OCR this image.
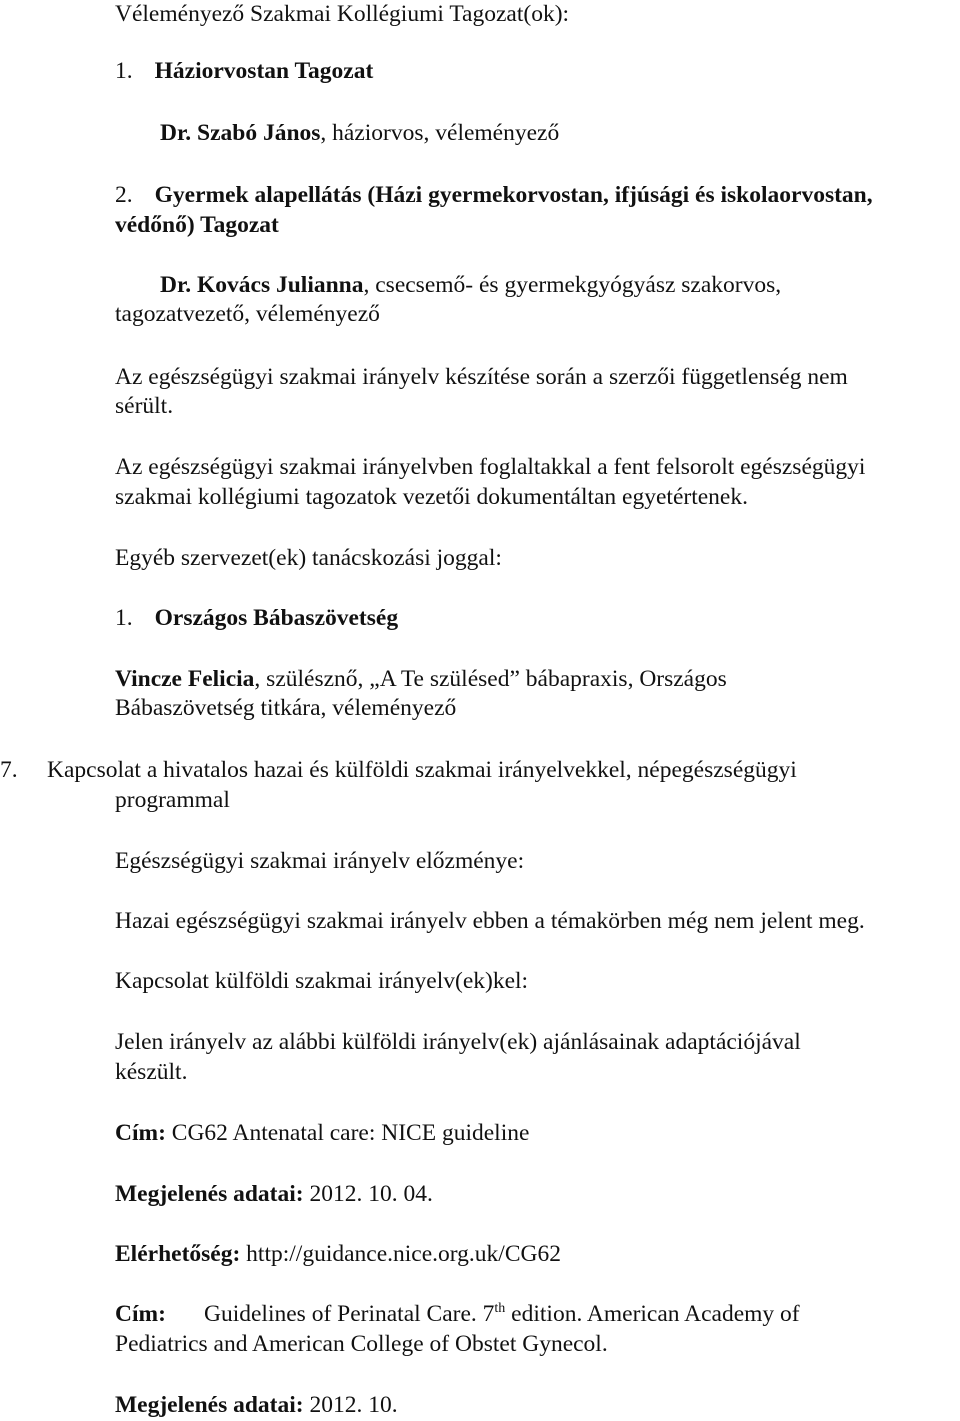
Véleményező Szakmai Kollégiumi Tagozat(ok):

1. Háziorvostan Tagozat

Dr. Szabó János, háziorvos, véleményező

2. Gyermek alapellátás (Házi gyermekorvostan, ifjúsági és iskolaorvostan,

védőnő) Tagozat

Dr. Kovács Julianna, csecsemő- és gyermekgyógyász szakorvos,

tagozatvezető, véleményező

Az egészségügyi szakmai irányelv készítése során a szerzői függetlenség nem

sérült.

Az egészségügyi szakmai irányelvben foglaltakkal a fent felsorolt egészségügyi

szakmai kollégiumi tagozatok vezetői dokumentáltan egyetértenek.

Egyéb szervezet(ek) tanácskozási joggal:

1. Országos Bábaszövetség

Vincze Felicia, szülésznő, „A Te szülésed” bábapraxis, Országos

Bábaszövetség titkára, véleményező

7. Kapcsolat a hivatalos hazai és külföldi szakmai irányelvekkel, népegészségügyi

programmal

Egészségügyi szakmai irányelv előzménye:

Hazai egészségügyi szakmai irányelv ebben a témakörben még nem jelent meg.

Kapcsolat külföldi szakmai irányelv(ek)kel:

Jelen irányelv az alábbi külföldi irányelv(ek) ajánlásainak adaptációjával

készült.

Cím: CG62 Antenatal care: NICE guideline

Megjelenés adatai: 2012. 10. 04.

Elérhetőség: http://guidance.nice.org.uk/CG62

Cím: Guidelines of Perinatal Care. 7th edition. American Academy of

Pediatrics and American College of Obstet Gynecol.

Megjelenés adatai: 2012. 10.
